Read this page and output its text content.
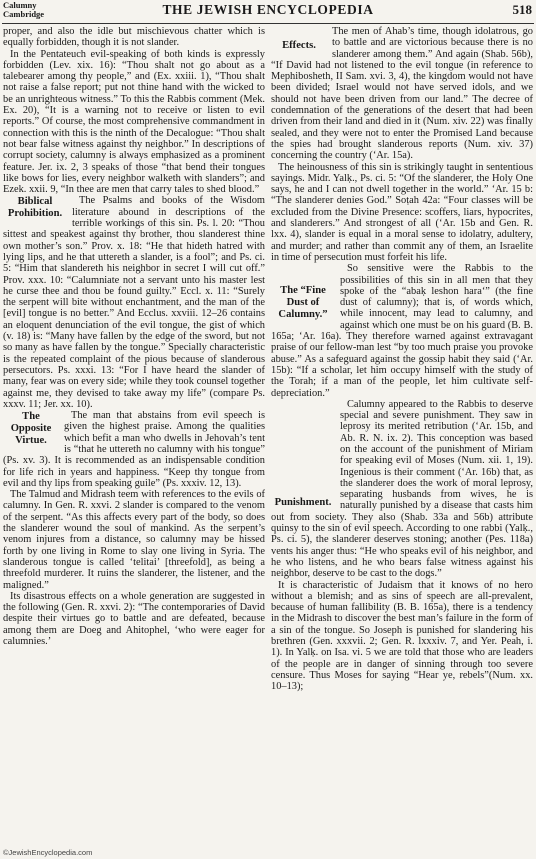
Calumny
Cambridge	THE JEWISH ENCYCLOPEDIA	518

proper, and also the idle but mischievous chatter which is equally forbidden, though it is not slander.

In the Pentateuch evil-speaking of both kinds is expressly forbidden (Lev. xix. 16): “Thou shalt not go about as a talebearer among thy people,” and (Ex. xxiii. 1), “Thou shalt not raise a false report; put not thine hand with the wicked to be an unrighteous witness.” To this the Rabbis comment (Mek. Ex. 20), “It is a warning not to receive or listen to evil reports.” Of course, the most comprehensive commandment in connection with this is the ninth of the Decalogue: “Thou shalt not bear false witness against thy neighbor.” In descriptions of corrupt society, calumny is always emphasized as a prominent feature. Jer. ix. 2, 3 speaks of those “that bend their tongues like bows for lies, every neighbor walketh with slanders”; and Ezek. xxii. 9, “In thee are men that carry tales to shed blood.”

Biblical Prohibition.
The Psalms and books of the Wisdom literature abound in descriptions of the terrible workings of this sin. Ps. l. 20: “Thou sittest and speakest against thy brother, thou slanderest thine own mother’s son.” Prov. x. 18: “He that hideth hatred with lying lips, and he that uttereth a slander, is a fool”; and Ps. ci. 5: “Him that slandereth his neighbor in secret I will cut off.” Prov. xxx. 10: “Calumniate not a servant unto his master lest he curse thee and thou be found guilty.” Eccl. x. 11: “Surely the serpent will bite without enchantment, and the man of the [evil] tongue is no better.” And Ecclus. xxviii. 12–26 contains an eloquent denunciation of the evil tongue, the gist of which (v. 18) is: “Many have fallen by the edge of the sword, but not so many as have fallen by the tongue.” Specially characteristic is the repeated complaint of the pious because of slanderous persecutors. Ps. xxxi. 13: “For I have heard the slander of many, fear was on every side; while they took counsel together against me, they devised to take away my life” (compare Ps. xxxv. 11; Jer. xx. 10).

The Opposite Virtue.
The man that abstains from evil speech is given the highest praise. Among the qualities which befit a man who dwells in Jehovah’s tent is “that he uttereth no calumny with his tongue” (Ps. xv. 3). It is recommended as an indispensable condition for life rich in years and happiness. “Keep thy tongue from evil and thy lips from speaking guile” (Ps. xxxiv. 12, 13).

The Talmud and Midrash teem with references to the evils of calumny. In Gen. R. xxvi. 2 slander is compared to the venom of the serpent. “As this affects every part of the body, so does the slanderer wound the soul of mankind. As the serpent’s venom injures from a distance, so calumny may be hissed forth by one living in Rome to slay one living in Syria. The slanderous tongue is called ‘telitai’ [threefold], as being a threefold murderer. It ruins the slanderer, the listener, and the maligned.”

Its disastrous effects on a whole generation are suggested in the following (Gen. R. xxvi. 2): “The contemporaries of David despite their virtues go to battle and are defeated, because among them are Doeg and Ahitophel, ‘who were eager for calumnies.’

Effects.
The men of Ahab’s time, though idolatrous, go to battle and are victorious because there is no slanderer among them.” And again (Shab. 56b), “If David had not listened to the evil tongue (in reference to Mephibosheth, II Sam. xvi. 3, 4), the kingdom would not have been divided; Israel would not have served idols, and we should not have been driven from our land.” The decree of condemnation of the generations of the desert that had been driven from their land and died in it (Num. xiv. 22) was finally sealed, and they were not to enter the Promised Land because the spies had brought slanderous reports (Num. xiv. 37) concerning the country (‘Ar. 15a).

The heinousness of this sin is strikingly taught in sententious sayings. Midr. Yalḳ., Ps. ci. 5: “Of the slanderer, the Holy One says, he and I can not dwell together in the world.” ‘Ar. 15 b: “The slanderer denies God.” Soṭah 42a: “Four classes will be excluded from the Divine Presence: scoffers, liars, hypocrites, and slanderers.” And strongest of all (‘Ar. 15b and Gen. R. lxx. 4), slander is equal in a moral sense to idolatry, adultery, and murder; and rather than commit any of them, an Israelite in time of persecution must forfeit his life.

The “Fine Dust of Calumny.”
So sensitive were the Rabbis to the possibilities of this sin in all men that they spoke of the “abaḳ leshon hara‘” (the fine dust of calumny); that is, of words which, while innocent, may lead to calumny, and against which one must be on his guard (B. B. 165a; ‘Ar. 16a). They therefore warned against extravagant praise of our fellow-man lest “by too much praise you provoke abuse.” As a safeguard against the gossip habit they said (‘Ar. 15b): “If a scholar, let him occupy himself with the study of the Torah; if a man of the people, let him cultivate self-depreciation.”

Punishment.
Calumny appeared to the Rabbis to deserve special and severe punishment. They saw in leprosy its merited retribution (‘Ar. 15b, and Ab. R. N. ix. 2). This conception was based on the account of the punishment of Miriam for speaking evil of Moses (Num. xii. 1, 19). Ingenious is their comment (‘Ar. 16b) that, as the slanderer does the work of moral leprosy, separating husbands from wives, he is naturally punished by a disease that casts him out from society. They also (Shab. 33a and 56b) attribute quinsy to the sin of evil speech. According to one rabbi (Yalḳ., Ps. ci. 5), the slanderer deserves stoning; another (Pes. 118a) vents his anger thus: “He who speaks evil of his neighbor, and he who listens, and he who bears false witness against his neighbor, deserve to be cast to the dogs.”

It is characteristic of Judaism that it knows of no hero without a blemish; and as sins of speech are all-prevalent, because of human fallibility (B. B. 165a), there is a tendency in the Midrash to discover the best man’s failure in the form of a sin of the tongue. So Joseph is punished for slandering his brethren (Gen. xxxvii. 2; Gen. R. lxxxiv. 7, and Yer. Peah, i. 1). In Yalḳ. on Isa. vi. 5 we are told that those who are leaders of the people are in danger of sinning through too severe censure. Thus Moses for saying “Hear ye, rebels”(Num. xx. 10–13);

©JewishEncyclopedia.com
